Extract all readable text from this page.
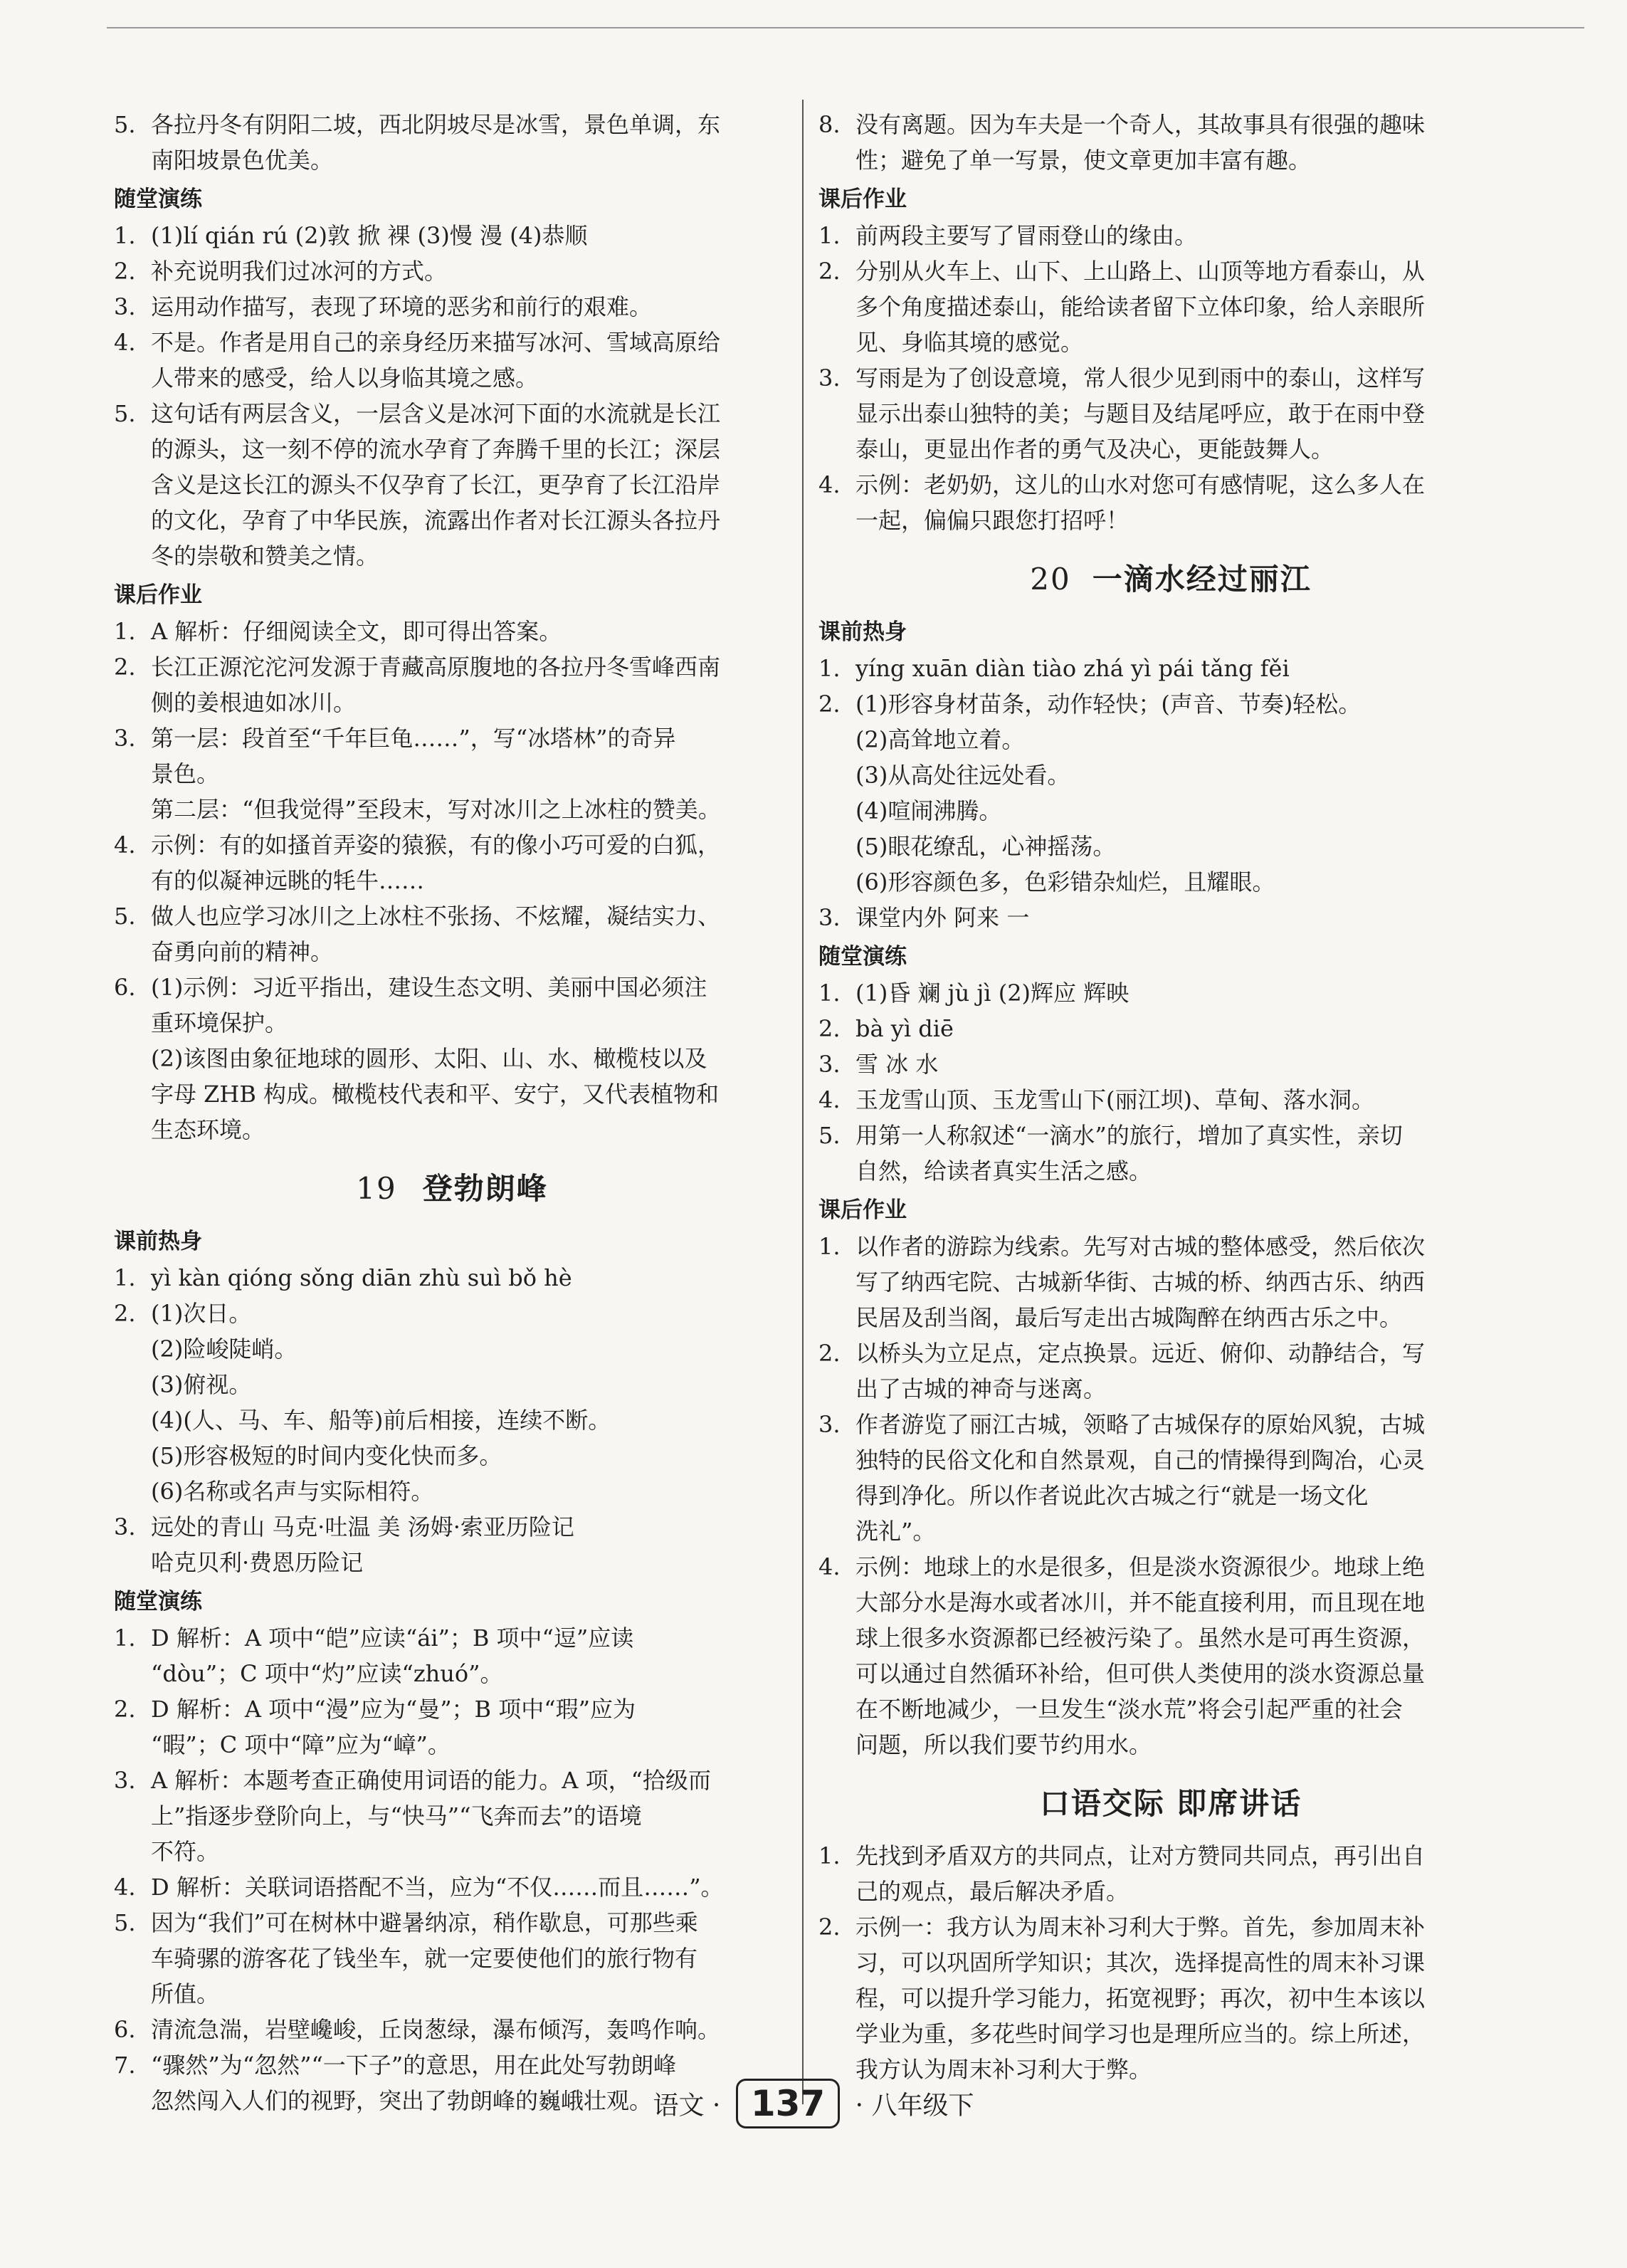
5. 各拉丹冬有阴阳二坡，西北阴坡尽是冰雪，景色单调，东
南阳坡景色优美。
随堂演练
1. (1)lí qián rú (2)敦 掀 裸 (3)慢 漫 (4)恭顺
2. 补充说明我们过冰河的方式。
3. 运用动作描写，表现了环境的恶劣和前行的艰难。
4. 不是。作者是用自己的亲身经历来描写冰河、雪域高原给
人带来的感受，给人以身临其境之感。
5. 这句话有两层含义，一层含义是冰河下面的水流就是长江
的源头，这一刻不停的流水孕育了奔腾千里的长江；深层
含义是这长江的源头不仅孕育了长江，更孕育了长江沿岸
的文化，孕育了中华民族，流露出作者对长江源头各拉丹
冬的崇敬和赞美之情。
课后作业
1. A 解析：仔细阅读全文，即可得出答案。
2. 长江正源沱沱河发源于青藏高原腹地的各拉丹冬雪峰西南
侧的姜根迪如冰川。
3. 第一层：段首至“千年巨龟……”，写“冰塔林”的奇异
景色。
第二层：“但我觉得”至段末，写对冰川之上冰柱的赞美。
4. 示例：有的如搔首弄姿的猿猴，有的像小巧可爱的白狐，
有的似凝神远眺的牦牛……
5. 做人也应学习冰川之上冰柱不张扬、不炫耀，凝结实力、
奋勇向前的精神。
6. (1)示例：习近平指出，建设生态文明、美丽中国必须注
重环境保护。
(2)该图由象征地球的圆形、太阳、山、水、橄榄枝以及
字母 ZHB 构成。橄榄枝代表和平、安宁，又代表植物和
生态环境。
19 登勃朗峰
课前热身
1. yì kàn qióng sǒng diān zhù suì bǒ hè
2. (1)次日。
(2)险峻陡峭。
(3)俯视。
(4)(人、马、车、船等)前后相接，连续不断。
(5)形容极短的时间内变化快而多。
(6)名称或名声与实际相符。
3. 远处的青山 马克·吐温 美 汤姆·索亚历险记
哈克贝利·费恩历险记
随堂演练
1. D 解析：A 项中“皑”应读“ái”；B 项中“逗”应读
“dòu”；C 项中“灼”应读“zhuó”。
2. D 解析：A 项中“漫”应为“曼”；B 项中“瑕”应为
“暇”；C 项中“障”应为“嶂”。
3. A 解析：本题考查正确使用词语的能力。A 项，“拾级而
上”指逐步登阶向上，与“快马”“飞奔而去”的语境
不符。
4. D 解析：关联词语搭配不当，应为“不仅……而且……”。
5. 因为“我们”可在树林中避暑纳凉，稍作歇息，可那些乘
车骑骡的游客花了钱坐车，就一定要使他们的旅行物有
所值。
6. 清流急湍，岩壁巉峻，丘岗葱绿，瀑布倾泻，轰鸣作响。
7. “骤然”为“忽然”“一下子”的意思，用在此处写勃朗峰
忽然闯入人们的视野，突出了勃朗峰的巍峨壮观。
8. 没有离题。因为车夫是一个奇人，其故事具有很强的趣味
性；避免了单一写景，使文章更加丰富有趣。
课后作业
1. 前两段主要写了冒雨登山的缘由。
2. 分别从火车上、山下、上山路上、山顶等地方看泰山，从
多个角度描述泰山，能给读者留下立体印象，给人亲眼所
见、身临其境的感觉。
3. 写雨是为了创设意境，常人很少见到雨中的泰山，这样写
显示出泰山独特的美；与题目及结尾呼应，敢于在雨中登
泰山，更显出作者的勇气及决心，更能鼓舞人。
4. 示例：老奶奶，这儿的山水对您可有感情呢，这么多人在
一起，偏偏只跟您打招呼！
20 一滴水经过丽江
课前热身
1. yíng xuān diàn tiào zhá yì pái tǎng fěi
2. (1)形容身材苗条，动作轻快；(声音、节奏)轻松。
(2)高耸地立着。
(3)从高处往远处看。
(4)喧闹沸腾。
(5)眼花缭乱，心神摇荡。
(6)形容颜色多，色彩错杂灿烂，且耀眼。
3. 课堂内外 阿来 一
随堂演练
1. (1)昏 斓 jù jì (2)辉应 辉映
2. bà yì diē
3. 雪 冰 水
4. 玉龙雪山顶、玉龙雪山下(丽江坝)、草甸、落水洞。
5. 用第一人称叙述“一滴水”的旅行，增加了真实性，亲切
自然，给读者真实生活之感。
课后作业
1. 以作者的游踪为线索。先写对古城的整体感受，然后依次
写了纳西宅院、古城新华街、古城的桥、纳西古乐、纳西
民居及刮当阁，最后写走出古城陶醉在纳西古乐之中。
2. 以桥头为立足点，定点换景。远近、俯仰、动静结合，写
出了古城的神奇与迷离。
3. 作者游览了丽江古城，领略了古城保存的原始风貌，古城
独特的民俗文化和自然景观，自己的情操得到陶冶，心灵
得到净化。所以作者说此次古城之行“就是一场文化
洗礼”。
4. 示例：地球上的水是很多，但是淡水资源很少。地球上绝
大部分水是海水或者冰川，并不能直接利用，而且现在地
球上很多水资源都已经被污染了。虽然水是可再生资源，
可以通过自然循环补给，但可供人类使用的淡水资源总量
在不断地减少，一旦发生“淡水荒”将会引起严重的社会
问题，所以我们要节约用水。
口语交际 即席讲话
1. 先找到矛盾双方的共同点，让对方赞同共同点，再引出自
己的观点，最后解决矛盾。
2. 示例一：我方认为周末补习利大于弊。首先，参加周末补
习，可以巩固所学知识；其次，选择提高性的周末补习课
程，可以提升学习能力，拓宽视野；再次，初中生本该以
学业为重，多花些时间学习也是理所应当的。综上所述，
我方认为周末补习利大于弊。
语文 · 137 · 八年级下
